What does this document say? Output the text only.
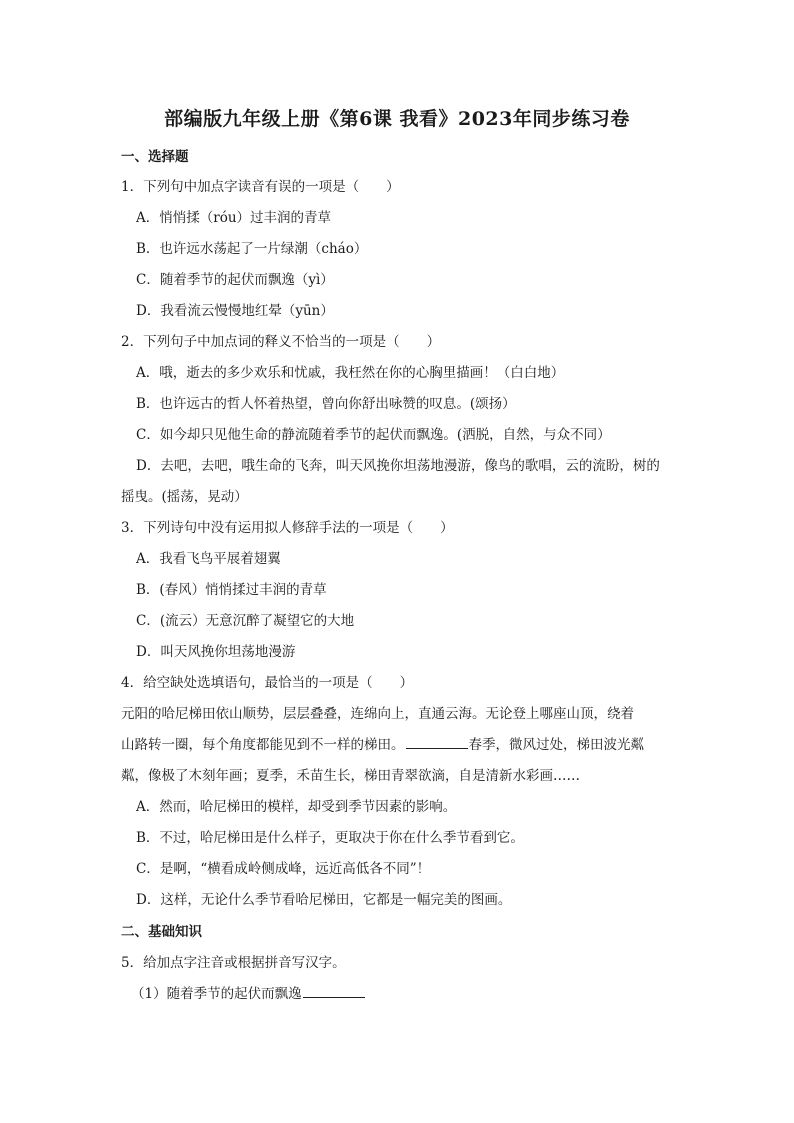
部编版九年级上册《第6课 我看》2023年同步练习卷
一、选择题
1．下列句中加点字读音有误的一项是（　　）
A．悄悄揉（róu）过丰润的青草
B．也许远水荡起了一片绿潮（cháo）
C．随着季节的起伏而飘逸（yì）
D．我看流云慢慢地红晕（yūn）
2．下列句子中加点词的释义不恰当的一项是（　　）
A．哦，逝去的多少欢乐和忧戚，我枉然在你的心胸里描画！（白白地）
B．也许远古的哲人怀着热望，曾向你舒出咏赞的叹息。(颂扬）
C．如今却只见他生命的静流随着季节的起伏而飘逸。(洒脱，自然，与众不同）
D．去吧，去吧，哦生命的飞奔，叫天风挽你坦荡地漫游，像鸟的歌唱，云的流盼，树的
摇曳。(摇荡，晃动）
3．下列诗句中没有运用拟人修辞手法的一项是（　　）
A．我看飞鸟平展着翅翼
B．(春风）悄悄揉过丰润的青草
C．(流云）无意沉醉了凝望它的大地
D．叫天风挽你坦荡地漫游
4．给空缺处选填语句，最恰当的一项是（　　）
元阳的哈尼梯田依山顺势，层层叠叠，连绵向上，直通云海。无论登上哪座山顶，绕着
山路转一圈，每个角度都能见到不一样的梯田。	春季，微风过处，梯田波光粼
粼，像极了木刻年画；夏季，禾苗生长，梯田青翠欲滴，自是清新水彩画……
A．然而，哈尼梯田的模样，却受到季节因素的影响。
B．不过，哈尼梯田是什么样子，更取决于你在什么季节看到它。
C．是啊，“横看成岭侧成峰，远近高低各不同”！
D．这样，无论什么季节看哈尼梯田，它都是一幅完美的图画。
二、基础知识
5．给加点字注音或根据拼音写汉字。
（1）随着季节的起伏而飘逸
